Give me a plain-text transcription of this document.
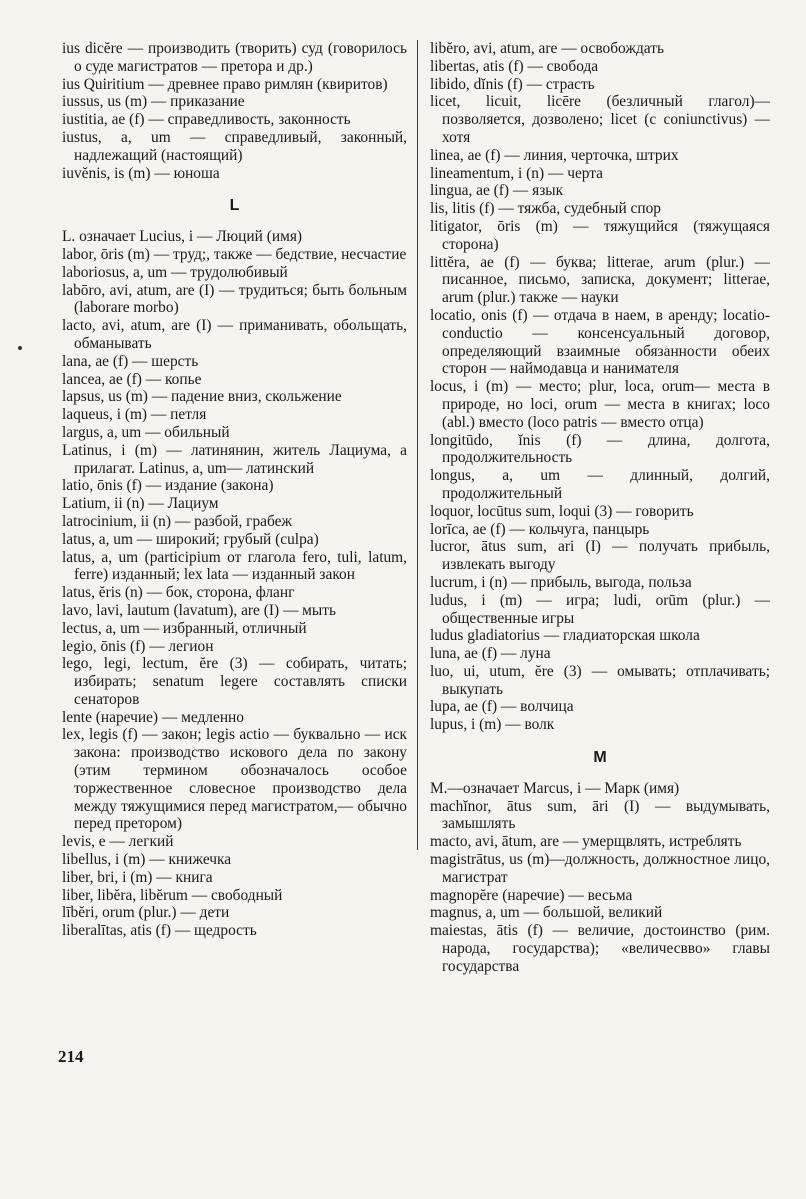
ius dicĕre — производить (творить) суд (говорилось о суде магистратов — претора и др.)

ius Quiritium — древнее право римлян (квиритов)

iussus, us (m) — приказание

iustitia, ae (f) — справедливость, законность

iustus, a, um — справедливый, законный, надлежащий (настоящий)

iuvĕnis, is (m) — юноша

L

L. означает Lucius, i — Люций (имя)

labor, ōris (m) — труд;, также — бедствие, несчастие

laboriosus, a, um — трудолюбивый

labōro, avi, atum, are (I) — трудиться; быть больным (laborare morbo)

lacto, avi, atum, are (I) — приманивать, обольщать, обманывать

lana, ae (f) — шерсть

lancea, ae (f) — копье

lapsus, us (m) — падение вниз, скольжение

laqueus, i (m) — петля

largus, a, um — обильный

Latinus, i (m) — латинянин, житель Лациума, а прилагат. Latinus, a, um— латинский

latio, ōnis (f) — издание (закона)

Latium, ii (n) — Лациум

latrocinium, ii (n) — разбой, грабеж

latus, a, um — широкий; грубый (culpa)

latus, a, um (participium от глагола fero, tuli, latum, ferre) изданный; lex lata — изданный закон

latus, ĕris (n) — бок, сторона, фланг

lavo, lavi, lautum (lavatum), are (I) — мыть

lectus, a, um — избранный, отличный

legio, ōnis (f) — легион

lego, legi, lectum, ĕre (3) — собирать, читать; избирать; senatum legere составлять списки сенаторов

lente (наречие) — медленно

lex, legis (f) — закон; legis actio — буквально — иск закона: производство искового дела по закону (этим термином обозначалось особое торжественное словесное производство дела между тяжущимися перед магистратом,— обычно перед претором)

levis, e — легкий

libellus, i (m) — книжечка

liber, bri, i (m) — книга

liber, libĕra, libĕrum — свободный

lībĕri, orum (plur.) — дети

liberalītas, atis (f) — щедрость

libĕro, avi, atum, are — освобождать

libertas, atis (f) — свобода

libido, dĭnis (f) — страсть

licet, licuit, licēre (безличный глагол)— позволяется, дозволено; licet (с coniunctivus) — хотя

linea, ae (f) — линия, черточка, штрих

lineamentum, i (n) — черта

lingua, ae (f) — язык

lis, litis (f) — тяжба, судебный спор

litigator, ōris (m) — тяжущийся (тяжущаяся сторона)

littĕra, ae (f) — буква; litterae, arum (plur.) — писанное, письмо, записка, документ; litterae, arum (plur.) также — науки

locatio, onis (f) — отдача в наем, в аренду; locatio-conductio — консенсуальный договор, определяющий взаимные обязанности обеих сторон — наймодавца и нанимателя

locus, i (m) — место; plur, loca, orum— места в природе, но loci, orum — места в книгах; loco (abl.) вместо (loco patris — вместо отца)

longitūdo, ĭnis (f) — длина, долгота, продолжительность

longus, a, um — длинный, долгий, продолжительный

loquor, locūtus sum, loqui (3) — говорить

lorīca, ae (f) — кольчуга, панцырь

lucror, ātus sum, ari (I) — получать прибыль, извлекать выгоду

lucrum, i (n) — прибыль, выгода, польза

ludus, i (m) — игра; ludi, orūm (plur.) — общественные игры

ludus gladiatorius — гладиаторская школа

luna, ae (f) — луна

luo, ui, utum, ĕre (3) — омывать; отплачивать; выкупать

lupa, ae (f) — волчица

lupus, i (m) — волк

M

M.—означает Marcus, i — Марк (имя)

machĭnor, ātus sum, āri (I) — выдумывать, замышлять

macto, avi, ātum, are — умерщвлять, истреблять

magistrātus, us (m)—должность, должностное лицо, магистрат

magnopĕre (наречие) — весьма

magnus, a, um — большой, великий

maiestas, ātis (f) — величие, достоинство (рим. народа, государства); «величесвво» главы государства

214
